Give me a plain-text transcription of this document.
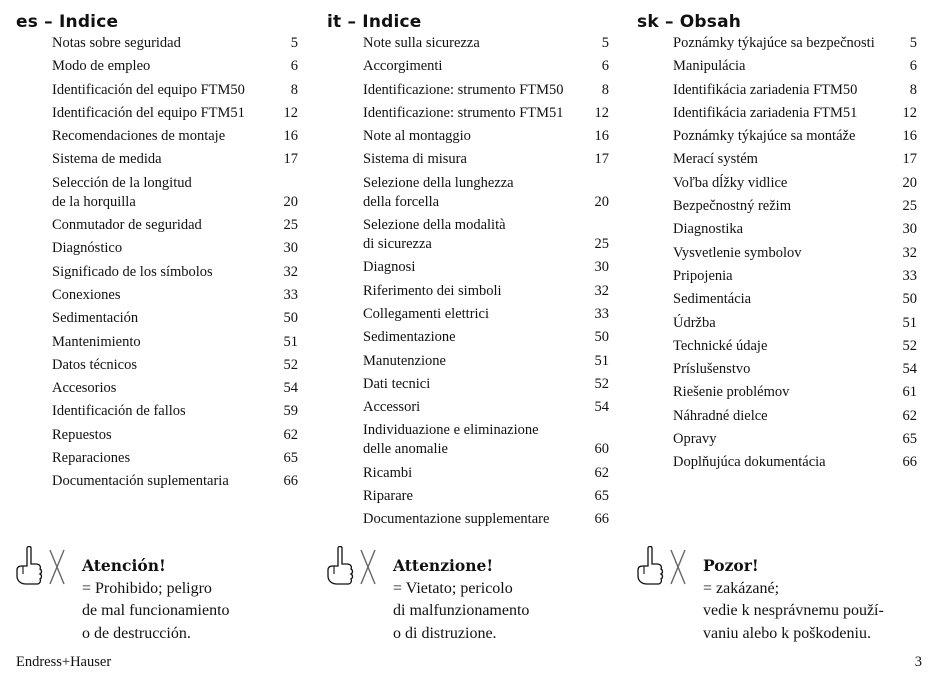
es – Indice
Notas sobre seguridad	5
Modo de empleo	6
Identificación del equipo FTM50	8
Identificación del equipo FTM51	12
Recomendaciones de montaje	16
Sistema de medida	17
Selección de la longitud
de la horquilla	20
Conmutador de seguridad	25
Diagnóstico	30
Significado de los símbolos	32
Conexiones	33
Sedimentación	50
Mantenimiento	51
Datos técnicos	52
Accesorios	54
Identificación de fallos	59
Repuestos	62
Reparaciones	65
Documentación suplementaria	66
it – Indice
Note sulla sicurezza	5
Accorgimenti	6
Identificazione: strumento FTM50	8
Identificazione: strumento FTM51	12
Note al montaggio	16
Sistema di misura	17
Selezione della lunghezza
della forcella	20
Selezione della modalità
di sicurezza	25
Diagnosi	30
Riferimento dei simboli	32
Collegamenti elettrici	33
Sedimentazione	50
Manutenzione	51
Dati tecnici	52
Accessori	54
Individuazione e eliminazione
delle anomalie	60
Ricambi	62
Riparare	65
Documentazione supplementare	66
sk – Obsah
Poznámky týkajúce sa bezpečnosti	5
Manipulácia	6
Identifikácia zariadenia FTM50	8
Identifikácia zariadenia FTM51	12
Poznámky týkajúce sa montáže	16
Merací systém	17
Voľba dĺžky vidlice	20
Bezpečnostný režim	25
Diagnostika	30
Vysvetlenie symbolov	32
Pripojenia	33
Sedimentácia	50
Údržba	51
Technické údaje	52
Príslušenstvo	54
Riešenie problémov	61
Náhradné dielce	62
Opravy	65
Doplňujúca dokumentácia	66
Atención!
= Prohibido; peligro
de mal funcionamiento
o de destrucción.
Attenzione!
= Vietato; pericolo
di malfunzionamento
o di distruzione.
Pozor!
= zakázané;
vedie k nesprávnemu použí-
vaniu alebo k poškodeniu.
Endress+Hauser	3
